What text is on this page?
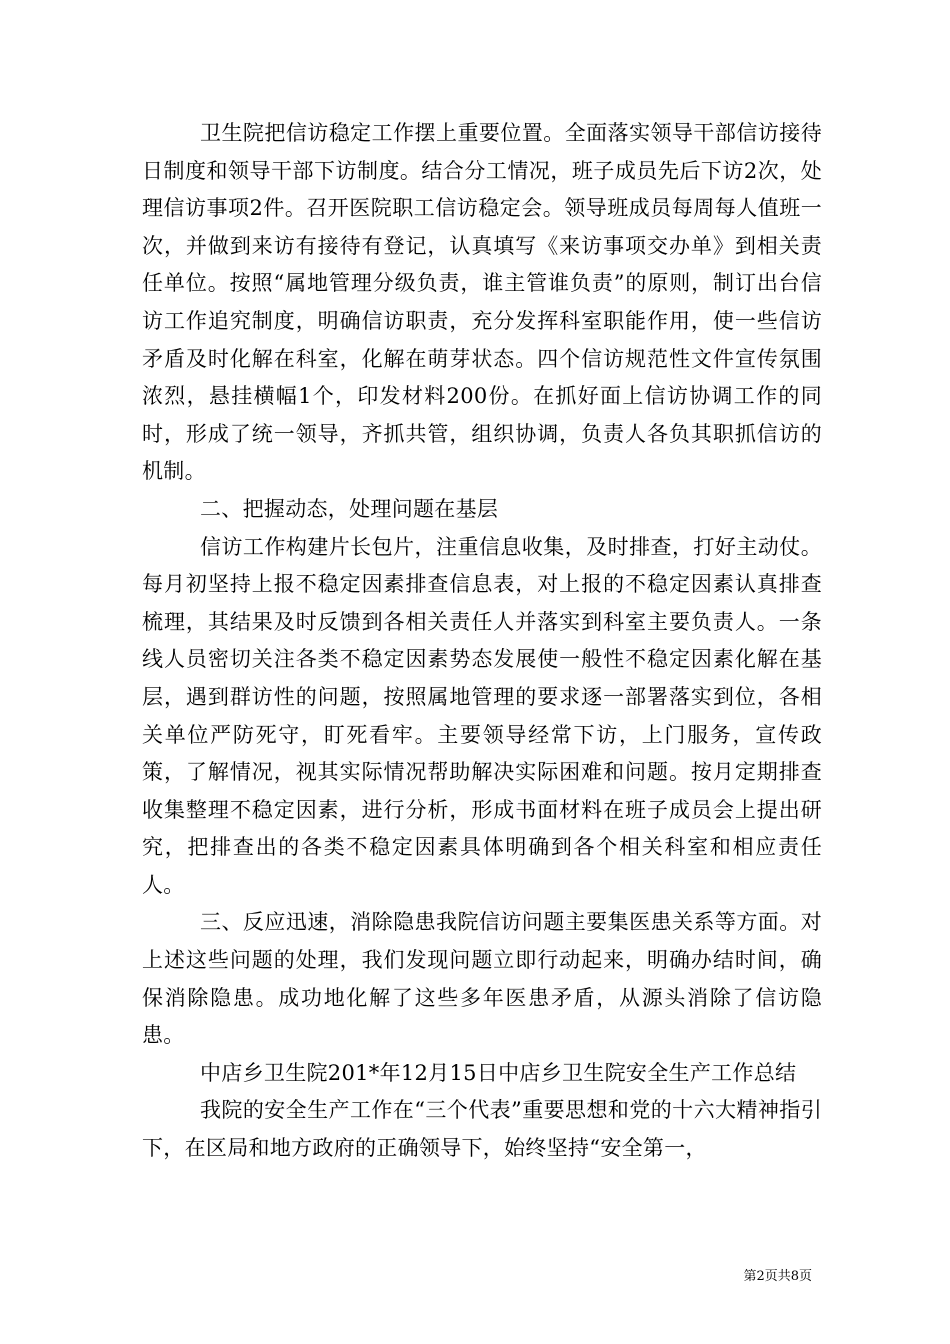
卫生院把信访稳定工作摆上重要位置。全面落实领导干部信访接待日制度和领导干部下访制度。结合分工情况，班子成员先后下访2次，处理信访事项2件。召开医院职工信访稳定会。领导班成员每周每人值班一次，并做到来访有接待有登记，认真填写《来访事项交办单》到相关责任单位。按照“属地管理分级负责，谁主管谁负责”的原则，制订出台信访工作追究制度，明确信访职责，充分发挥科室职能作用，使一些信访矛盾及时化解在科室，化解在萌芽状态。四个信访规范性文件宣传氛围浓烈，悬挂横幅1个，印发材料200份。在抓好面上信访协调工作的同时，形成了统一领导，齐抓共管，组织协调，负责人各负其职抓信访的机制。

二、把握动态，处理问题在基层

信访工作构建片长包片，注重信息收集，及时排查，打好主动仗。每月初坚持上报不稳定因素排查信息表，对上报的不稳定因素认真排查梳理，其结果及时反馈到各相关责任人并落实到科室主要负责人。一条线人员密切关注各类不稳定因素势态发展使一般性不稳定因素化解在基层，遇到群访性的问题，按照属地管理的要求逐一部署落实到位，各相关单位严防死守，盯死看牢。主要领导经常下访，上门服务，宣传政策，了解情况，视其实际情况帮助解决实际困难和问题。按月定期排查收集整理不稳定因素，进行分析，形成书面材料在班子成员会上提出研究，把排查出的各类不稳定因素具体明确到各个相关科室和相应责任人。

三、反应迅速，消除隐患我院信访问题主要集医患关系等方面。对上述这些问题的处理，我们发现问题立即行动起来，明确办结时间，确保消除隐患。成功地化解了这些多年医患矛盾，从源头消除了信访隐患。

中店乡卫生院201*年12月15日中店乡卫生院安全生产工作总结

我院的安全生产工作在“三个代表”重要思想和党的十六大精神指引下，在区局和地方政府的正确领导下，始终坚持“安全第一，

第2页共8页
